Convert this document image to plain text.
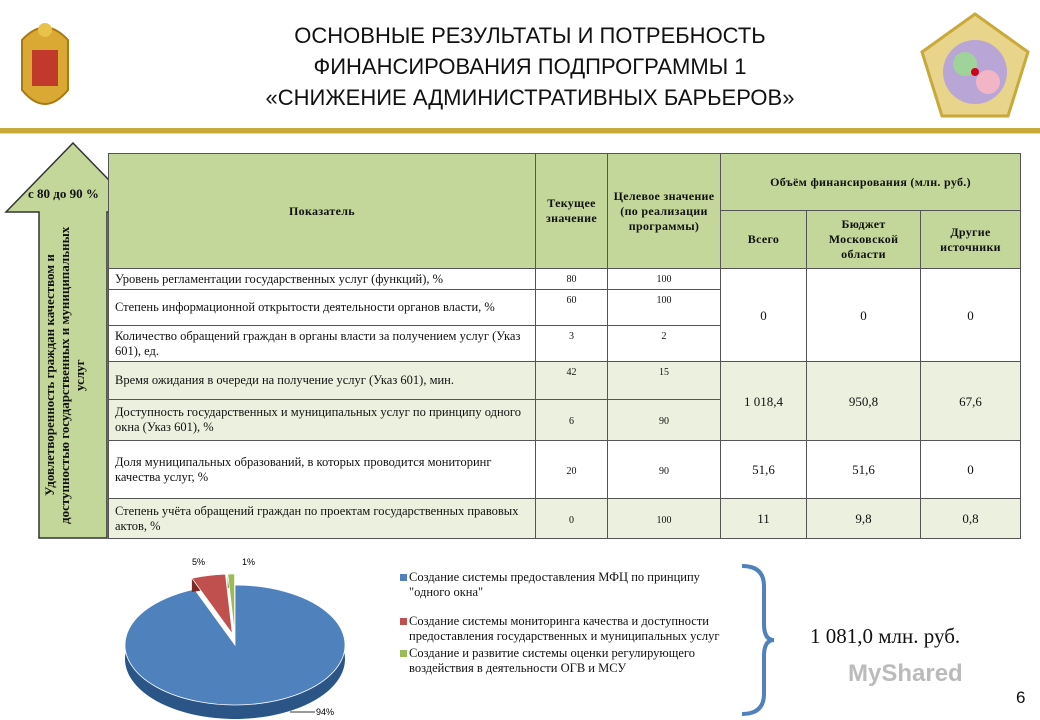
ОСНОВНЫЕ РЕЗУЛЬТАТЫ И ПОТРЕБНОСТЬ
ФИНАНСИРОВАНИЯ ПОДПРОГРАММЫ 1
«СНИЖЕНИЕ АДМИНИСТРАТИВНЫХ БАРЬЕРОВ»
с 80 до 90 %
Удовлетворенность граждан качеством и доступностью государственных и муниципальных услуг
Показатель	Текущее значение	Целевое значение (по реализации программы)	Объём финансирования (млн. руб.)		
			Всего	Бюджет Московской области	Другие источники
Уровень регламентации государственных услуг (функций), %	80	100	0	0	0
Степень информационной открытости деятельности органов власти, %	60	100			
Количество обращений граждан в органы власти за получением услуг (Указ 601), ед.	3	2			
Время ожидания в очереди на получение услуг (Указ 601), мин.	42	15	1 018,4	950,8	67,6
Доступность государственных и муниципальных услуг по принципу одного окна (Указ 601), %	6	90			
Доля муниципальных образований, в которых проводится мониторинг качества услуг, %	20	90	51,6	51,6	0
Степень учёта обращений граждан по проектам государственных правовых актов, %	0	100	11	9,8	0,8
5%	1%
94%
Создание системы предоставления МФЦ по принципу "одного окна"
Создание системы мониторинга качества и доступности предоставления государственных и муниципальных услуг
Создание и развитие системы оценки регулирующего воздействия в деятельности ОГВ и МСУ
1 081,0 млн. руб.
MyShared
6
